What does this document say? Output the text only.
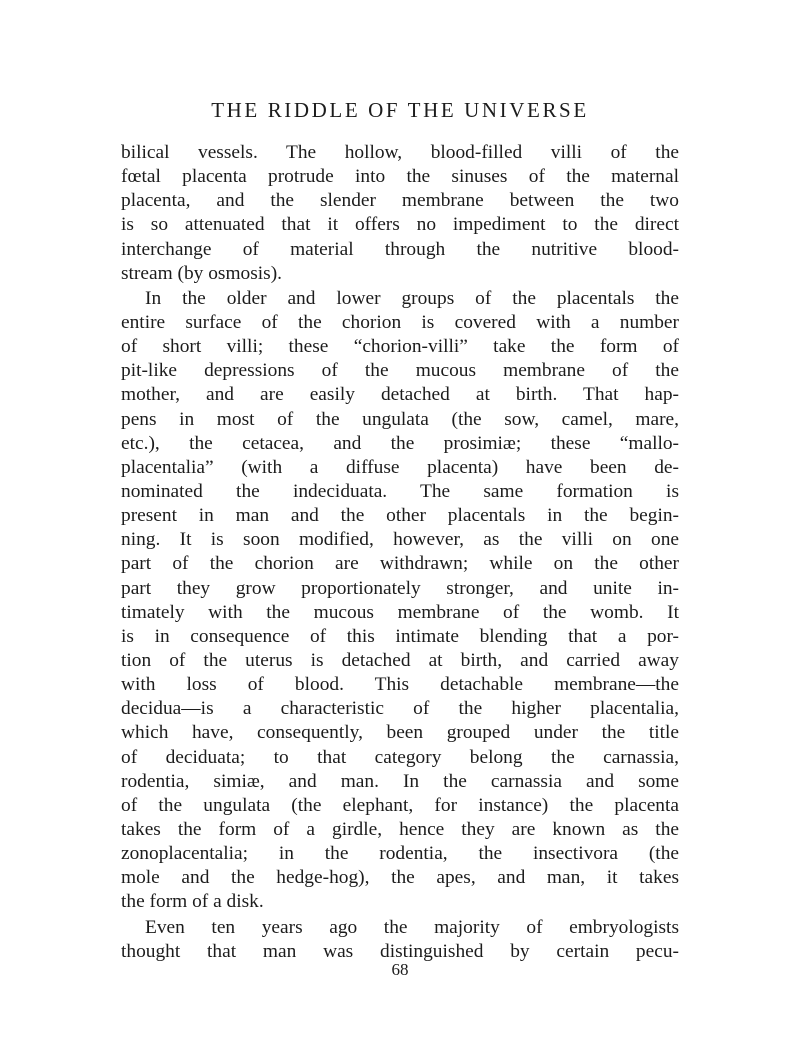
THE RIDDLE OF THE UNIVERSE
bilical vessels. The hollow, blood-filled villi of the
fœtal placenta protrude into the sinuses of the maternal
placenta, and the slender membrane between the two
is so attenuated that it offers no impediment to the direct
interchange of material through the nutritive blood-
stream (by osmosis).
In the older and lower groups of the placentals the
entire surface of the chorion is covered with a number
of short villi; these “chorion-villi” take the form of
pit-like depressions of the mucous membrane of the
mother, and are easily detached at birth. That hap-
pens in most of the ungulata (the sow, camel, mare,
etc.), the cetacea, and the prosimiæ; these “mallo-
placentalia” (with a diffuse placenta) have been de-
nominated the indeciduata. The same formation is
present in man and the other placentals in the begin-
ning. It is soon modified, however, as the villi on one
part of the chorion are withdrawn; while on the other
part they grow proportionately stronger, and unite in-
timately with the mucous membrane of the womb. It
is in consequence of this intimate blending that a por-
tion of the uterus is detached at birth, and carried away
with loss of blood. This detachable membrane—the
decidua—is a characteristic of the higher placentalia,
which have, consequently, been grouped under the title
of deciduata; to that category belong the carnassia,
rodentia, simiæ, and man. In the carnassia and some
of the ungulata (the elephant, for instance) the placenta
takes the form of a girdle, hence they are known as the
zonoplacentalia; in the rodentia, the insectivora (the
mole and the hedge-hog), the apes, and man, it takes
the form of a disk.
Even ten years ago the majority of embryologists
thought that man was distinguished by certain pecu-
68
